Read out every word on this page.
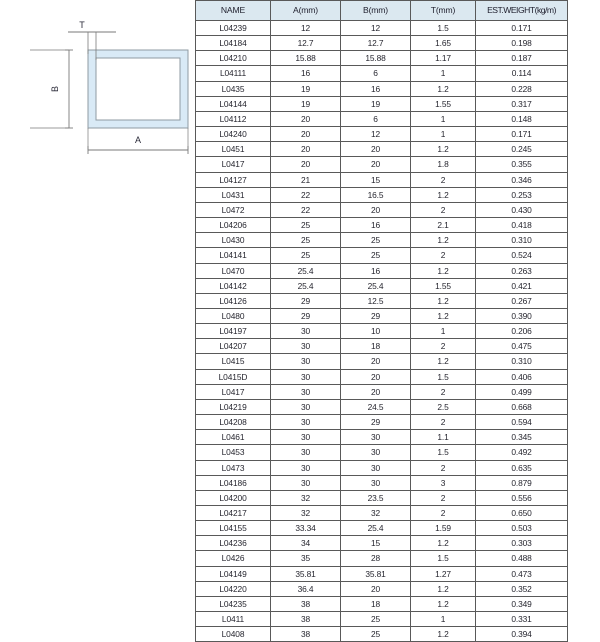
T
B
A
NAME	A(mm)	B(mm)	T(mm)	EST.WEIGHT(kg/m)
L04239	12	12	1.5	0.171
L04184	12.7	12.7	1.65	0.198
L04210	15.88	15.88	1.17	0.187
L04111	16	6	1	0.114
L0435	19	16	1.2	0.228
L04144	19	19	1.55	0.317
L04112	20	6	1	0.148
L04240	20	12	1	0.171
L0451	20	20	1.2	0.245
L0417	20	20	1.8	0.355
L04127	21	15	2	0.346
L0431	22	16.5	1.2	0.253
L0472	22	20	2	0.430
L04206	25	16	2.1	0.418
L0430	25	25	1.2	0.310
L04141	25	25	2	0.524
L0470	25.4	16	1.2	0.263
L04142	25.4	25.4	1.55	0.421
L04126	29	12.5	1.2	0.267
L0480	29	29	1.2	0.390
L04197	30	10	1	0.206
L04207	30	18	2	0.475
L0415	30	20	1.2	0.310
L0415D	30	20	1.5	0.406
L0417	30	20	2	0.499
L04219	30	24.5	2.5	0.668
L04208	30	29	2	0.594
L0461	30	30	1.1	0.345
L0453	30	30	1.5	0.492
L0473	30	30	2	0.635
L04186	30	30	3	0.879
L04200	32	23.5	2	0.556
L04217	32	32	2	0.650
L04155	33.34	25.4	1.59	0.503
L04236	34	15	1.2	0.303
L0426	35	28	1.5	0.488
L04149	35.81	35.81	1.27	0.473
L04220	36.4	20	1.2	0.352
L04235	38	18	1.2	0.349
L0411	38	25	1	0.331
L0408	38	25	1.2	0.394
